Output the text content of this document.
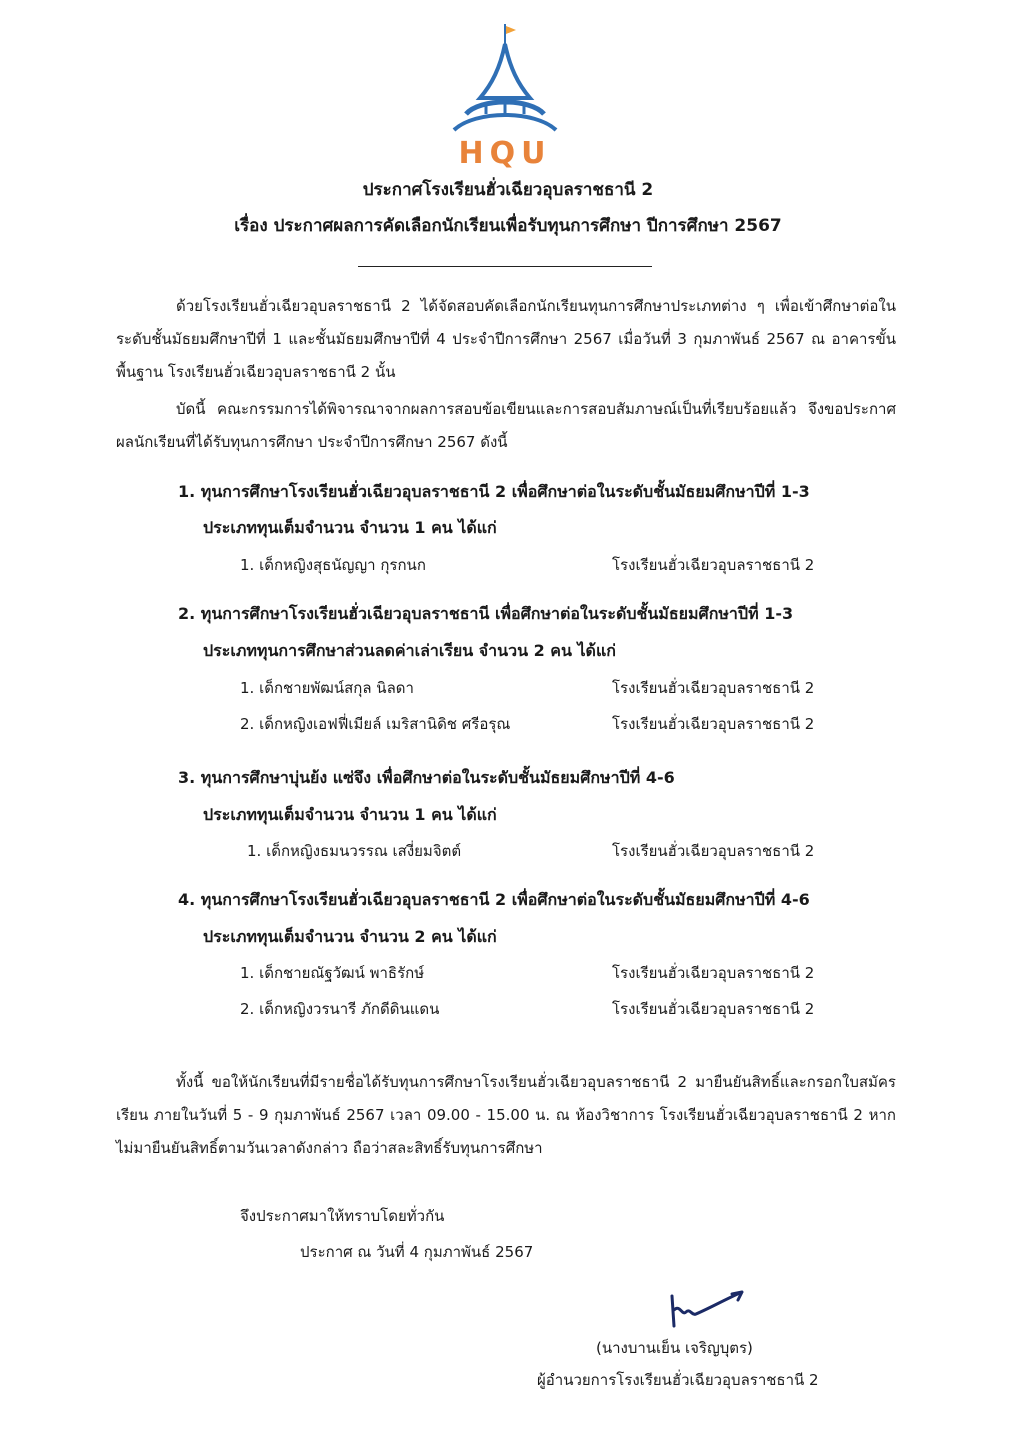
HQU
ประกาศโรงเรียนฮั่วเฉียวอุบลราชธานี 2
เรื่อง ประกาศผลการคัดเลือกนักเรียนเพื่อรับทุนการศึกษา ปีการศึกษา 2567
ด้วยโรงเรียนฮั่วเฉียวอุบลราชธานี 2 ได้จัดสอบคัดเลือกนักเรียนทุนการศึกษาประเภทต่าง ๆ เพื่อเข้าศึกษาต่อในระดับชั้นมัธยมศึกษาปีที่ 1 และชั้นมัธยมศึกษาปีที่ 4 ประจำปีการศึกษา 2567 เมื่อวันที่ 3 กุมภาพันธ์ 2567 ณ อาคารขั้นพื้นฐาน โรงเรียนฮั่วเฉียวอุบลราชธานี 2 นั้น
บัดนี้ คณะกรรมการได้พิจารณาจากผลการสอบข้อเขียนและการสอบสัมภาษณ์เป็นที่เรียบร้อยแล้ว จึงขอประกาศผลนักเรียนที่ได้รับทุนการศึกษา ประจำปีการศึกษา 2567 ดังนี้
1. ทุนการศึกษาโรงเรียนฮั่วเฉียวอุบลราชธานี 2 เพื่อศึกษาต่อในระดับชั้นมัธยมศึกษาปีที่ 1-3
ประเภททุนเต็มจำนวน จำนวน 1 คน ได้แก่
1. เด็กหญิงสุธนัญญา กุรกนก	โรงเรียนฮั่วเฉียวอุบลราชธานี 2
2. ทุนการศึกษาโรงเรียนฮั่วเฉียวอุบลราชธานี เพื่อศึกษาต่อในระดับชั้นมัธยมศึกษาปีที่ 1-3
ประเภททุนการศึกษาส่วนลดค่าเล่าเรียน จำนวน 2 คน ได้แก่
1. เด็กชายพัฒน์สกุล นิลดา	โรงเรียนฮั่วเฉียวอุบลราชธานี 2
2. เด็กหญิงเอฟฟี่เมียล์ เมริสานิดิช ศรีอรุณ	โรงเรียนฮั่วเฉียวอุบลราชธานี 2
3. ทุนการศึกษาบุ่นย้ง แซ่จึง เพื่อศึกษาต่อในระดับชั้นมัธยมศึกษาปีที่ 4-6
ประเภททุนเต็มจำนวน จำนวน 1 คน ได้แก่
1. เด็กหญิงธมนวรรณ เสงี่ยมจิตต์	โรงเรียนฮั่วเฉียวอุบลราชธานี 2
4. ทุนการศึกษาโรงเรียนฮั่วเฉียวอุบลราชธานี 2 เพื่อศึกษาต่อในระดับชั้นมัธยมศึกษาปีที่ 4-6
ประเภททุนเต็มจำนวน จำนวน 2 คน ได้แก่
1. เด็กชายณัฐวัฒน์ พาธิรักษ์	โรงเรียนฮั่วเฉียวอุบลราชธานี 2
2. เด็กหญิงวรนารี ภักดีดินแดน	โรงเรียนฮั่วเฉียวอุบลราชธานี 2
ทั้งนี้ ขอให้นักเรียนที่มีรายชื่อได้รับทุนการศึกษาโรงเรียนฮั่วเฉียวอุบลราชธานี 2 มายืนยันสิทธิ์และกรอกใบสมัครเรียน ภายในวันที่ 5 - 9 กุมภาพันธ์ 2567 เวลา 09.00 - 15.00 น. ณ ห้องวิชาการ โรงเรียนฮั่วเฉียวอุบลราชธานี 2 หากไม่มายืนยันสิทธิ์ตามวันเวลาดังกล่าว ถือว่าสละสิทธิ์รับทุนการศึกษา
จึงประกาศมาให้ทราบโดยทั่วกัน
ประกาศ ณ วันที่ 4 กุมภาพันธ์ 2567
(นางบานเย็น เจริญบุตร)
ผู้อำนวยการโรงเรียนฮั่วเฉียวอุบลราชธานี 2
